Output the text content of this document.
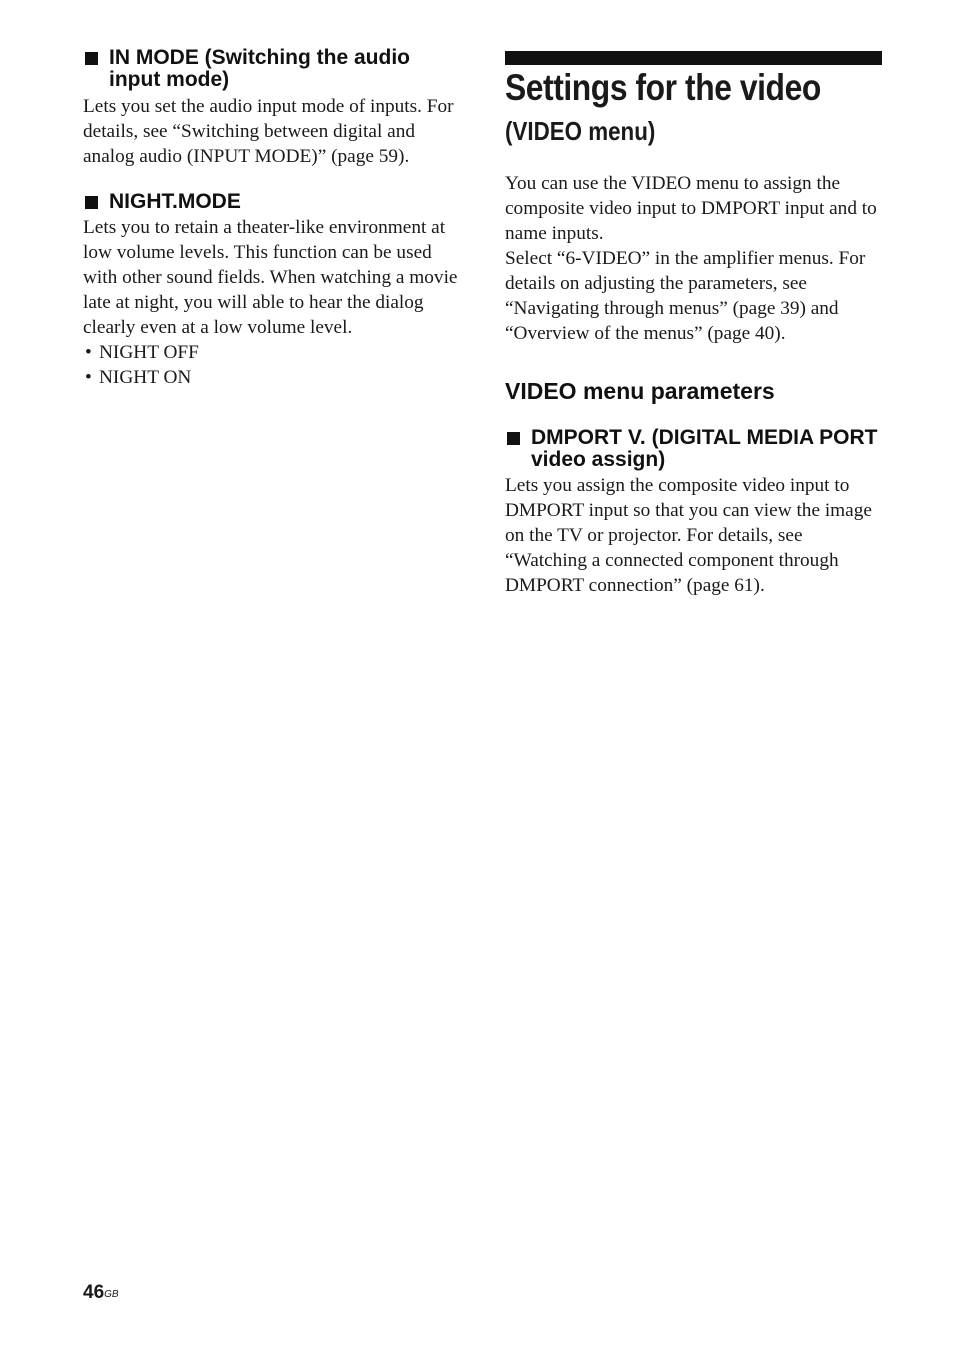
IN MODE (Switching the audio input mode)

Lets you set the audio input mode of inputs. For details, see “Switching between digital and analog audio (INPUT MODE)” (page 59).

NIGHT.MODE

Lets you to retain a theater-like environment at low volume levels. This function can be used with other sound fields. When watching a movie late at night, you will able to hear the dialog clearly even at a low volume level.

• NIGHT OFF
• NIGHT ON
Settings for the video
(VIDEO menu)

You can use the VIDEO menu to assign the composite video input to DMPORT input and to name inputs.

Select “6-VIDEO” in the amplifier menus. For details on adjusting the parameters, see “Navigating through menus” (page 39) and “Overview of the menus” (page 40).

VIDEO menu parameters
DMPORT V. (DIGITAL MEDIA PORT video assign)

Lets you assign the composite video input to DMPORT input so that you can view the image on the TV or projector. For details, see “Watching a connected component through DMPORT connection” (page 61).

$46^{GB}$
